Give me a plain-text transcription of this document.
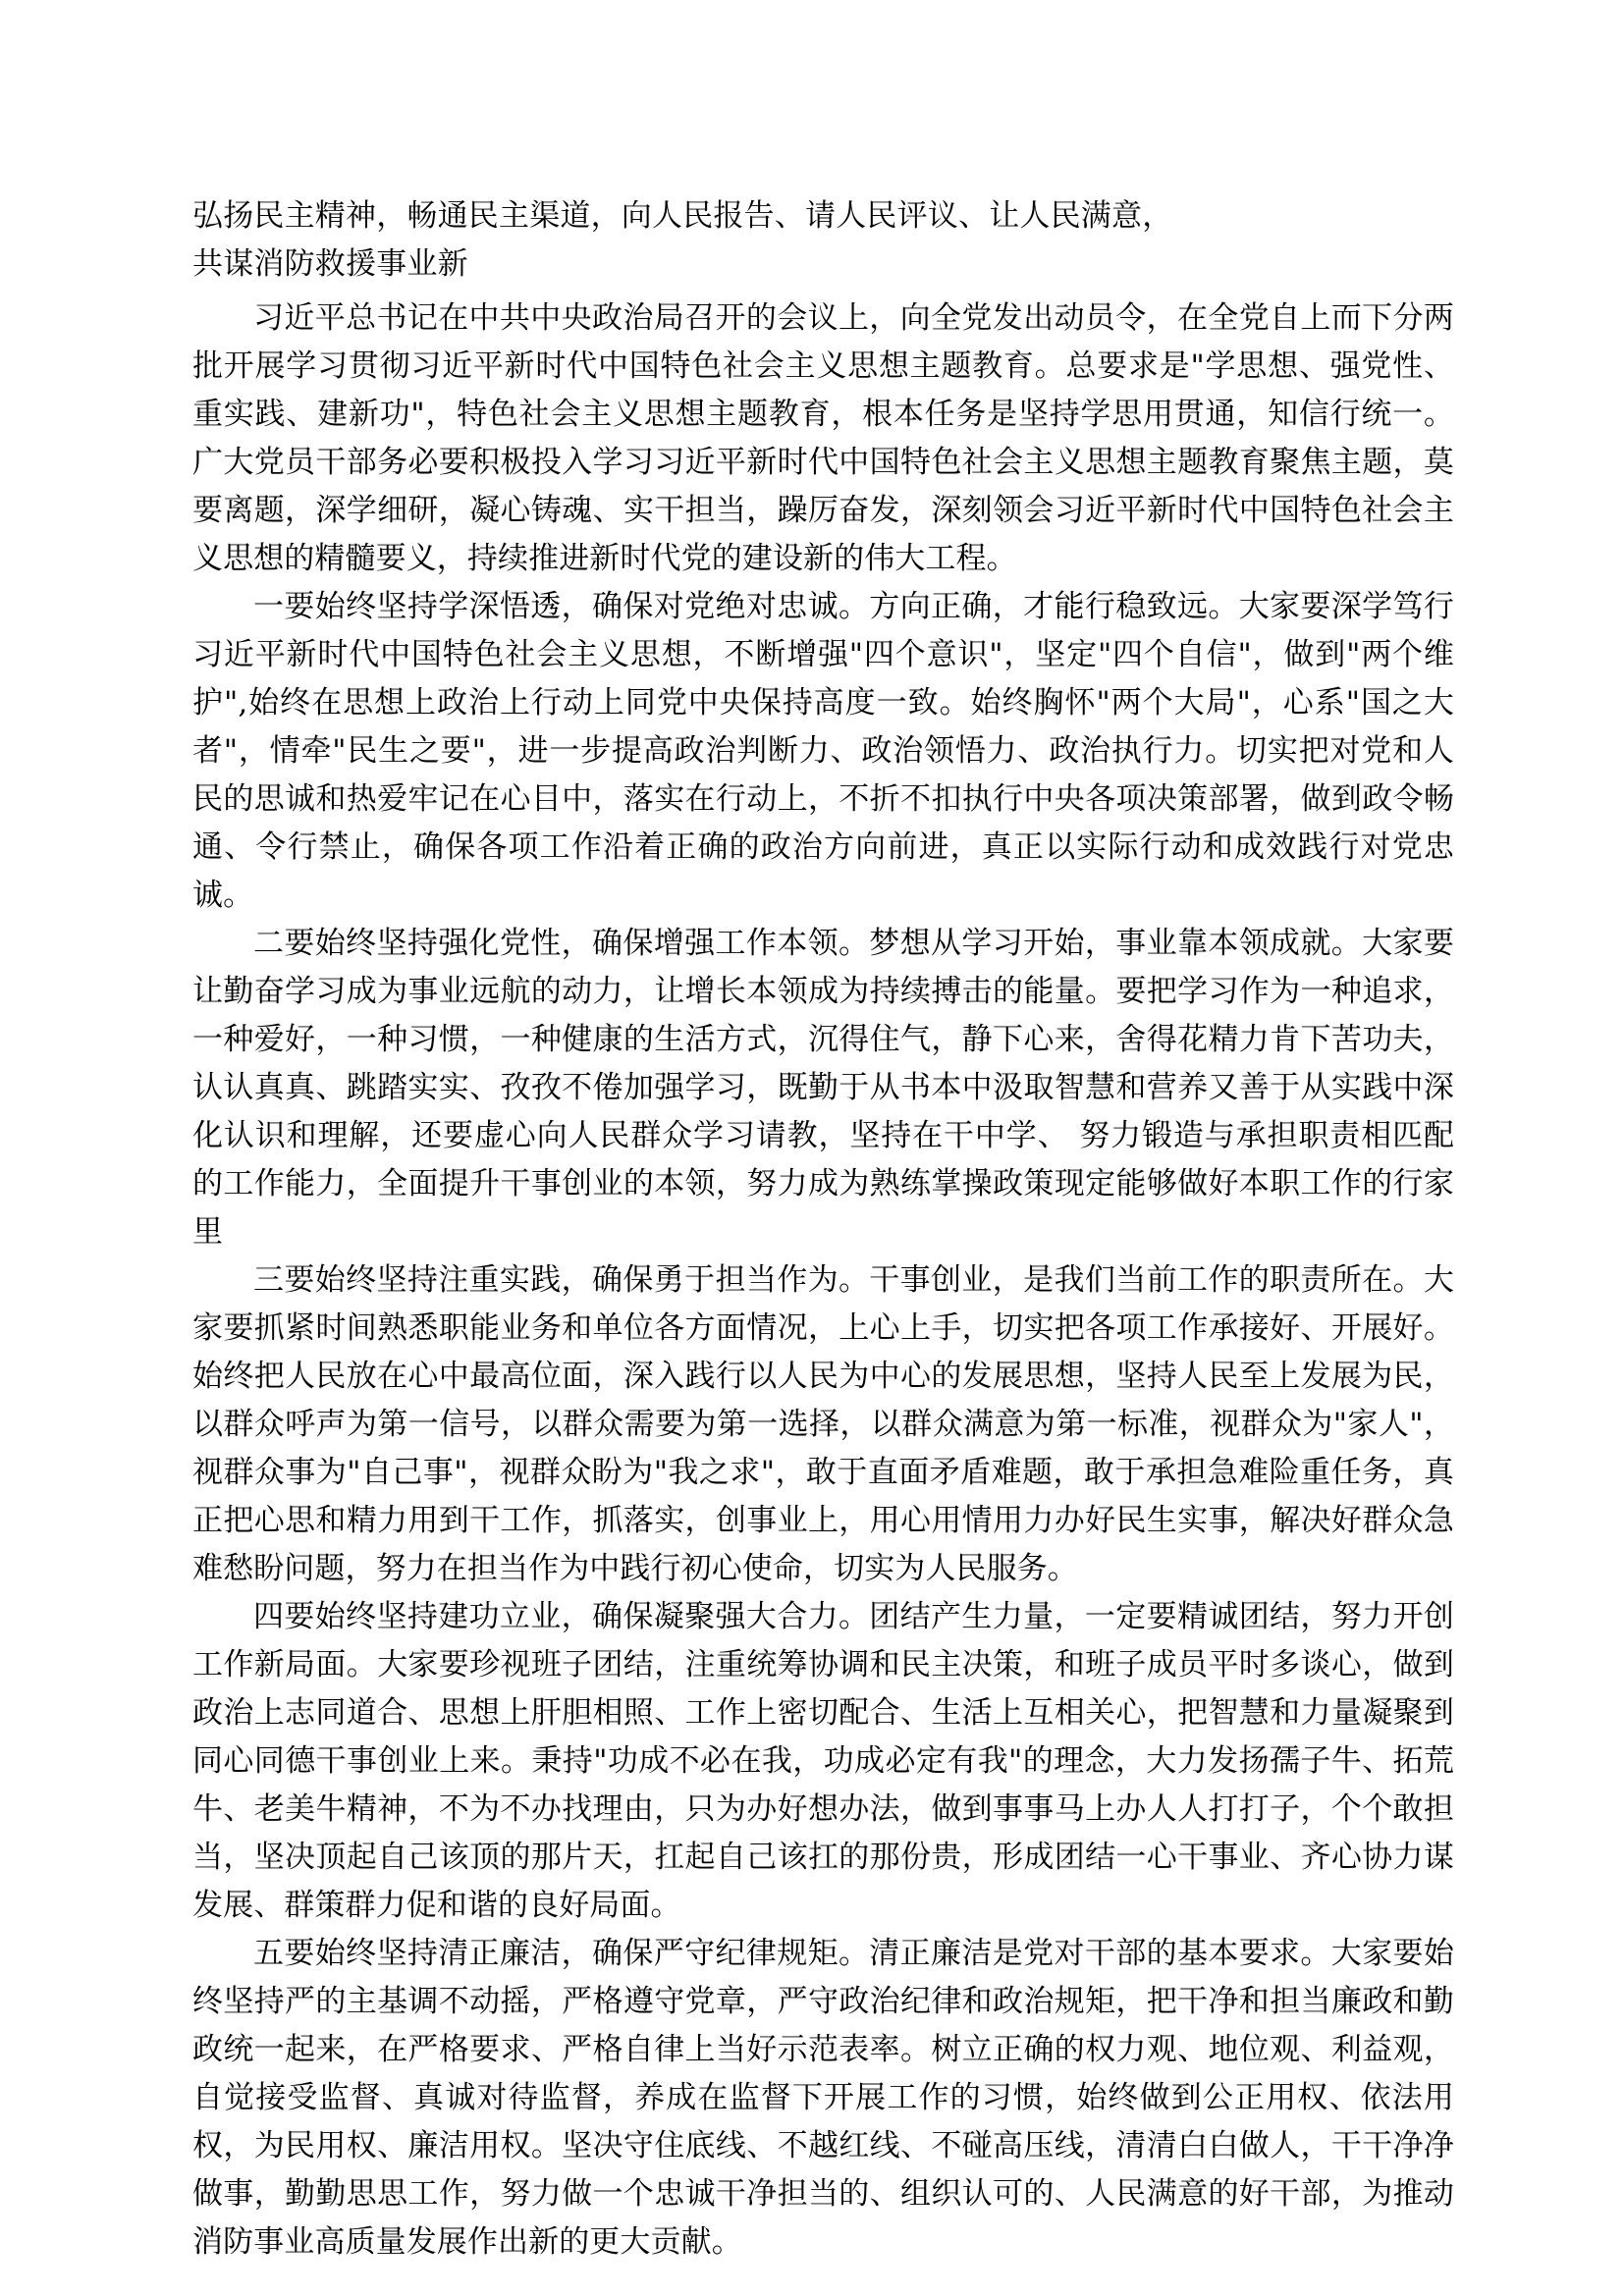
弘扬民主精神，畅通民主渠道，向人民报告、请人民评议、让人民满意，
共谋消防救援事业新

习近平总书记在中共中央政治局召开的会议上，向全党发出动员令，在全党自上而下分两批开展学习贯彻习近平新时代中国特色社会主义思想主题教育。总要求是"学思想、强党性、重实践、建新功"，特色社会主义思想主题教育，根本任务是坚持学思用贯通，知信行统一。广大党员干部务必要积极投入学习习近平新时代中国特色社会主义思想主题教育聚焦主题，莫要离题，深学细研，凝心铸魂、实干担当，躁厉奋发，深刻领会习近平新时代中国特色社会主义思想的精髓要义，持续推进新时代党的建设新的伟大工程。

一要始终坚持学深悟透，确保对党绝对忠诚。方向正确，才能行稳致远。大家要深学笃行习近平新时代中国特色社会主义思想，不断增强"四个意识"，坚定"四个自信"，做到"两个维护",始终在思想上政治上行动上同党中央保持高度一致。始终胸怀"两个大局"，心系"国之大者"，情牵"民生之要"，进一步提高政治判断力、政治领悟力、政治执行力。切实把对党和人民的思诚和热爱牢记在心目中，落实在行动上，不折不扣执行中央各项决策部署，做到政令畅通、令行禁止，确保各项工作沿着正确的政治方向前进，真正以实际行动和成效践行对党忠诚。

二要始终坚持强化党性，确保增强工作本领。梦想从学习开始，事业靠本领成就。大家要让勤奋学习成为事业远航的动力，让增长本领成为持续搏击的能量。要把学习作为一种追求，一种爱好，一种习惯，一种健康的生活方式，沉得住气，静下心来，舍得花精力肯下苦功夫，认认真真、跳踏实实、孜孜不倦加强学习，既勤于从书本中汲取智慧和营养又善于从实践中深化认识和理解，还要虚心向人民群众学习请教，坚持在干中学、 努力锻造与承担职责相匹配的工作能力，全面提升干事创业的本领，努力成为熟练掌操政策现定能够做好本职工作的行家里

三要始终坚持注重实践，确保勇于担当作为。干事创业，是我们当前工作的职责所在。大家要抓紧时间熟悉职能业务和单位各方面情况，上心上手，切实把各项工作承接好、开展好。始终把人民放在心中最高位面，深入践行以人民为中心的发展思想，坚持人民至上发展为民，以群众呼声为第一信号，以群众需要为第一选择，以群众满意为第一标准，视群众为"家人"，视群众事为"自己事"，视群众盼为"我之求"，敢于直面矛盾难题，敢于承担急难险重任务，真正把心思和精力用到干工作，抓落实，创事业上，用心用情用力办好民生实事，解决好群众急难愁盼问题，努力在担当作为中践行初心使命，切实为人民服务。

四要始终坚持建功立业，确保凝聚强大合力。团结产生力量，一定要精诚团结，努力开创工作新局面。大家要珍视班子团结，注重统筹协调和民主决策，和班子成员平时多谈心，做到政治上志同道合、思想上肝胆相照、工作上密切配合、生活上互相关心，把智慧和力量凝聚到同心同德干事创业上来。秉持"功成不必在我，功成必定有我"的理念，大力发扬孺子牛、拓荒牛、老美牛精神，不为不办找理由，只为办好想办法，做到事事马上办人人打打子，个个敢担当，坚决顶起自己该顶的那片天，扛起自己该扛的那份贵，形成团结一心干事业、齐心协力谋发展、群策群力促和谐的良好局面。

五要始终坚持清正廉洁，确保严守纪律规矩。清正廉洁是党对干部的基本要求。大家要始终坚持严的主基调不动摇，严格遵守党章，严守政治纪律和政治规矩，把干净和担当廉政和勤政统一起来，在严格要求、严格自律上当好示范表率。树立正确的权力观、地位观、利益观，自觉接受监督、真诚对待监督，养成在监督下开展工作的习惯，始终做到公正用权、依法用权，为民用权、廉洁用权。坚决守住底线、不越红线、不碰高压线，清清白白做人，干干净净做事，勤勤思思工作，努力做一个忠诚干净担当的、组织认可的、人民满意的好干部，为推动消防事业高质量发展作出新的更大贡献。
